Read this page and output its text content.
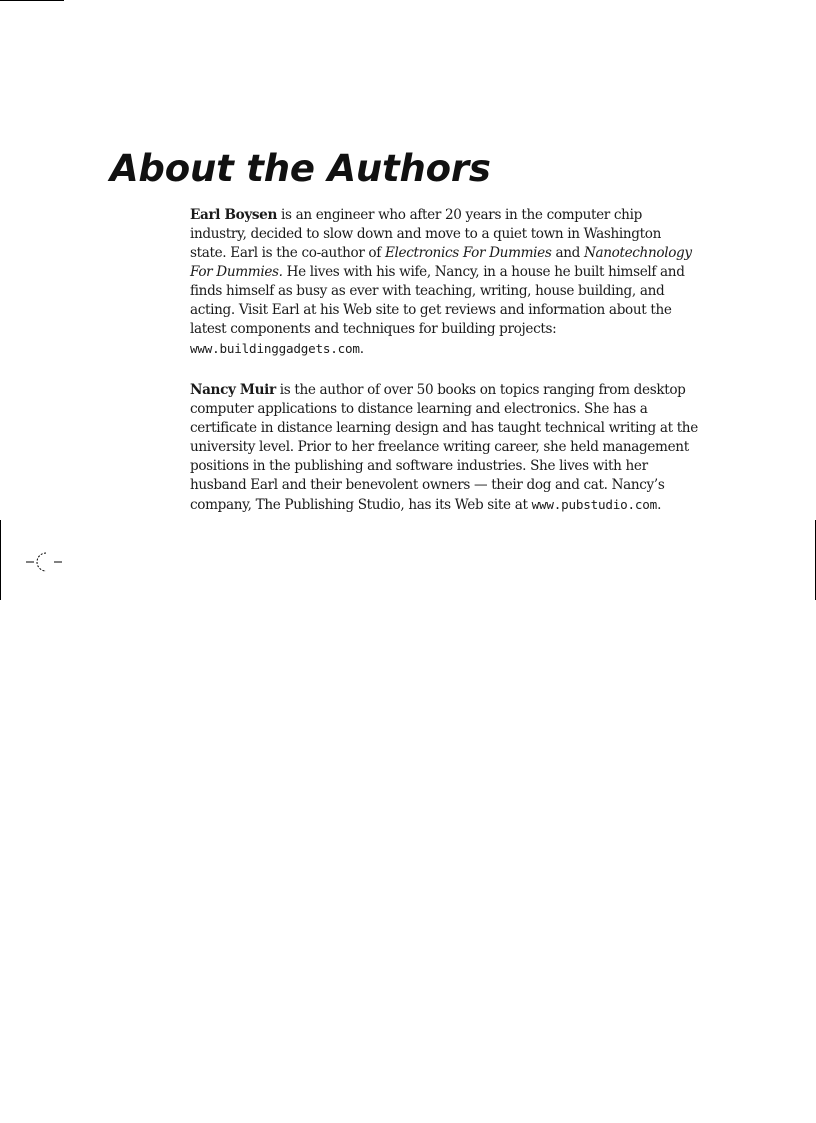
About the Authors

Earl Boysen is an engineer who after 20 years in the computer chip industry, decided to slow down and move to a quiet town in Washington state. Earl is the co-author of Electronics For Dummies and Nanotechnology For Dummies. He lives with his wife, Nancy, in a house he built himself and finds himself as busy as ever with teaching, writing, house building, and acting. Visit Earl at his Web site to get reviews and information about the latest components and techniques for building projects: www.buildinggadgets.com.

Nancy Muir is the author of over 50 books on topics ranging from desktop computer applications to distance learning and electronics. She has a certificate in distance learning design and has taught technical writing at the university level. Prior to her freelance writing career, she held management positions in the publishing and software industries. She lives with her husband Earl and their benevolent owners — their dog and cat. Nancy’s company, The Publishing Studio, has its Web site at www.pubstudio.com.
